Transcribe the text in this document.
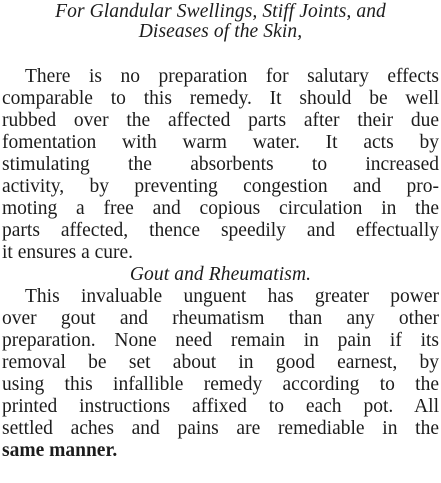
For Glandular Swellings, Stiff Joints, and

Diseases of the Skin,

There is no preparation for salutary effects
comparable to this remedy. It should be well
rubbed over the affected parts after their due
fomentation with warm water. It acts by
stimulating the absorbents to increased
activity, by preventing congestion and pro-
moting a free and copious circulation in the
parts affected, thence speedily and effectually
it ensures a cure.

Gout and Rheumatism.

This invaluable unguent has greater power
over gout and rheumatism than any other
preparation. None need remain in pain if its
removal be set about in good earnest, by
using this infallible remedy according to the
printed instructions affixed to each pot. All
settled aches and pains are remediable in the
same manner.
